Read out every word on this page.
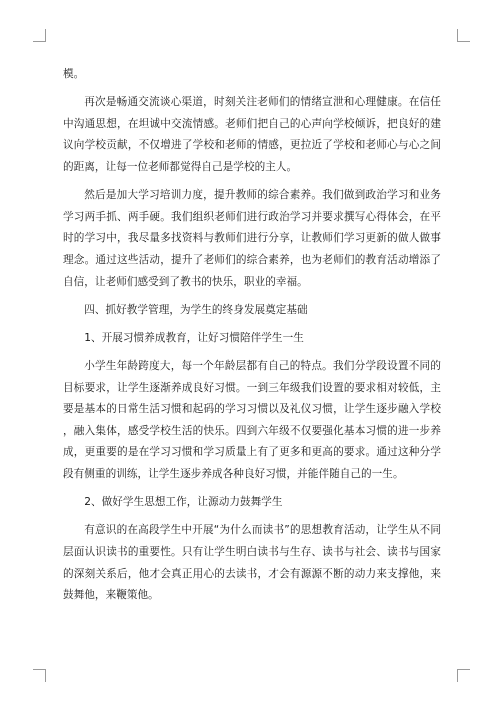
模。

再次是畅通交流谈心渠道，时刻关注老师们的情绪宣泄和心理健康。在信任中沟通思想，在坦诚中交流情感。老师们把自己的心声向学校倾诉，把良好的建议向学校贡献，不仅增进了学校和老师的情感，更拉近了学校和老师心与心之间的距离，让每一位老师都觉得自己是学校的主人。

然后是加大学习培训力度，提升教师的综合素养。我们做到政治学习和业务学习两手抓、两手硬。我们组织老师们进行政治学习并要求撰写心得体会，在平时的学习中，我尽量多找资料与教师们进行分享，让教师们学习更新的做人做事理念。通过这些活动，提升了老师们的综合素养，也为老师们的教育活动增添了自信，让老师们感受到了教书的快乐，职业的幸福。

四、抓好教学管理，为学生的终身发展奠定基础

1、开展习惯养成教育，让好习惯陪伴学生一生

小学生年龄跨度大，每一个年龄层都有自己的特点。我们分学段设置不同的目标要求，让学生逐渐养成良好习惯。一到三年级我们设置的要求相对较低，主要是基本的日常生活习惯和起码的学习习惯以及礼仪习惯，让学生逐步融入学校，融入集体，感受学校生活的快乐。四到六年级不仅要强化基本习惯的进一步养成，更重要的是在学习习惯和学习质量上有了更多和更高的要求。通过这种分学段有侧重的训练，让学生逐步养成各种良好习惯，并能伴随自己的一生。

2、做好学生思想工作，让源动力鼓舞学生

有意识的在高段学生中开展“为什么而读书”的思想教育活动，让学生从不同层面认识读书的重要性。只有让学生明白读书与生存、读书与社会、读书与国家的深刻关系后，他才会真正用心的去读书，才会有源源不断的动力来支撑他，来鼓舞他，来鞭策他。
